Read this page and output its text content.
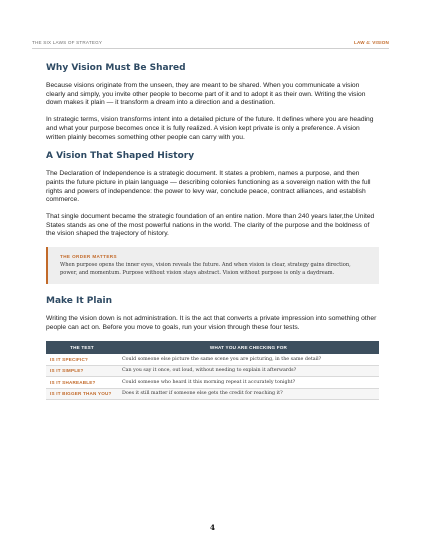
THE SIX LAWS OF STRATEGY	LAW 4: VISION
Why Vision Must Be Shared

Because visions originate from the unseen, they are meant to be shared. When you communicate a vision clearly and simply, you invite other people to become part of it and to adopt it as their own. Writing the vision down makes it plain — it transform a dream into a direction and a destination.

In strategic terms, vision transforms intent into a detailed picture of the future. It defines where you are heading and what your purpose becomes once it is fully realized. A vision kept private is only a preference. A vision written plainly becomes something other people can carry with you.

A Vision That Shaped History

The Declaration of Independence is a strategic document. It states a problem, names a purpose, and then paints the future picture in plain language — describing colonies functioning as a sovereign nation with the full rights and powers of independence: the power to levy war, conclude peace, contract alliances, and establish commerce.

That single document became the strategic foundation of an entire nation. More than 240 years later,the United States stands as one of the most powerful nations in the world. The clarity of the purpose and the boldness of the vision shaped the trajectory of history.

THE ORDER MATTERS
When purpose opens the inner eyes, vision reveals the future. And when vision is clear, strategy gains direction, power, and momentum. Purpose without vision stays abstract. Vision without purpose is only a daydream.
Make It Plain

Writing the vision down is not administration. It is the act that converts a private impression into something other people can act on. Before you move to goals, run your vision through these four tests.

THE TEST	WHAT YOU ARE CHECKING FOR
IS IT SPECIFIC?	Could someone else picture the same scene you are picturing, in the same detail?
IS IT SIMPLE?	Can you say it once, out loud, without needing to explain it afterwards?
IS IT SHAREABLE?	Could someone who heard it this morning repeat it accurately tonight?
IS IT BIGGER THAN YOU?	Does it still matter if someone else gets the credit for reaching it?
4
